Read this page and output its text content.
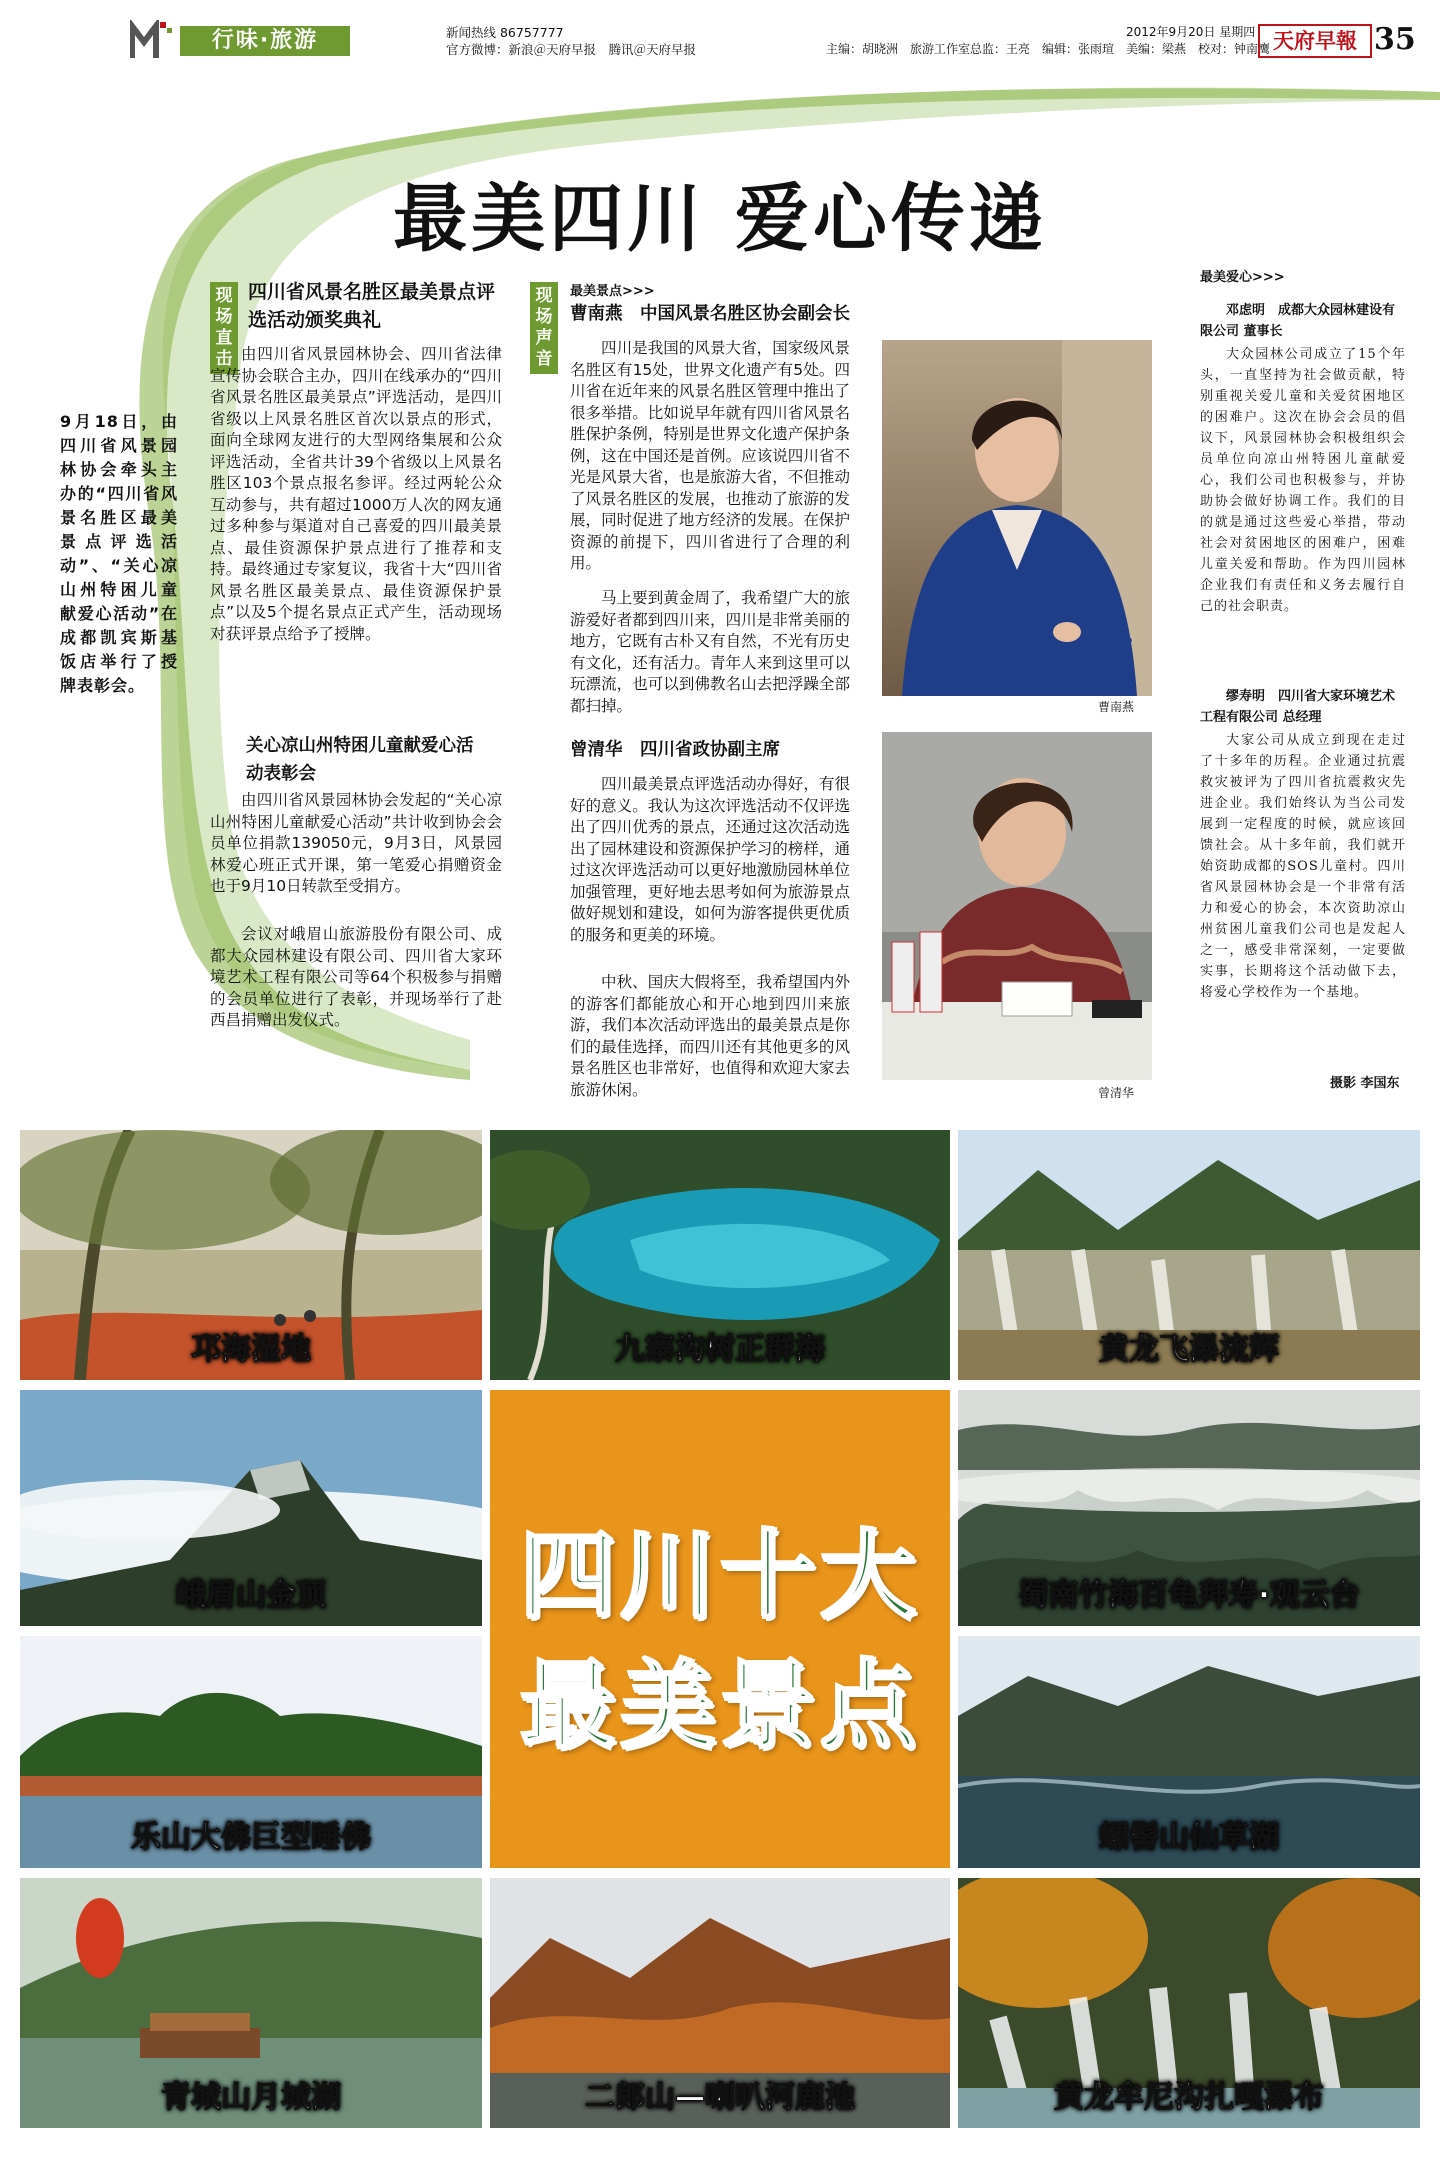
行味·旅游	新闻热线 86757777
官方微博：新浪＠天府早报　腾讯＠天府早报	主编：胡晓洲　旅游工作室总监：王亮　编辑：张雨瑄　美编：梁燕　校对：钟南鹰
2012年9月20日 星期四 天府早報 35
最美四川 爱心传递
9月18日，由四川省风景园林协会牵头主办的“四川省风景名胜区最美景点评选活动”、“关心凉山州特困儿童献爱心活动”在成都凯宾斯基饭店举行了授牌表彰会。
现场直击
四川省风景名胜区最美景点评选活动颁奖典礼

由四川省风景园林协会、四川省法律宣传协会联合主办，四川在线承办的“四川省风景名胜区最美景点”评选活动，是四川省级以上风景名胜区首次以景点的形式，面向全球网友进行的大型网络集展和公众评选活动，全省共计39个省级以上风景名胜区103个景点报名参评。经过两轮公众互动参与，共有超过1000万人次的网友通过多种参与渠道对自己喜爱的四川最美景点、最佳资源保护景点进行了推荐和支持。最终通过专家复议，我省十大“四川省风景名胜区最美景点、最佳资源保护景点”以及5个提名景点正式产生，活动现场对获评景点给予了授牌。

关心凉山州特困儿童献爱心活动表彰会

由四川省风景园林协会发起的“关心凉山州特困儿童献爱心活动”共计收到协会会员单位捐款139050元，9月3日，风景园林爱心班正式开课，第一笔爱心捐赠资金也于9月10日转款至受捐方。

会议对峨眉山旅游股份有限公司、成都大众园林建设有限公司、四川省大家环境艺术工程有限公司等64个积极参与捐赠的会员单位进行了表彰，并现场举行了赴西昌捐赠出发仪式。

现场声音
最美景点>>>
曹南燕　 中国风景名胜区协会副会长

四川是我国的风景大省，国家级风景名胜区有15处，世界文化遗产有5处。四川省在近年来的风景名胜区管理中推出了很多举措。比如说早年就有四川省风景名胜保护条例，特别是世界文化遗产保护条例，这在中国还是首例。应该说四川省不光是风景大省，也是旅游大省，不但推动了风景名胜区的发展，也推动了旅游的发展，同时促进了地方经济的发展。在保护资源的前提下，四川省进行了合理的利用。

马上要到黄金周了，我希望广大的旅游爱好者都到四川来，四川是非常美丽的地方，它既有古朴又有自然，不光有历史有文化，还有活力。青年人来到这里可以玩漂流，也可以到佛教名山去把浮躁全部都扫掉。	曹南燕
曾清华　 四川省政协副主席

四川最美景点评选活动办得好，有很好的意义。我认为这次评选活动不仅评选出了四川优秀的景点，还通过这次活动选出了园林建设和资源保护学习的榜样，通过这次评选活动可以更好地激励园林单位加强管理，更好地去思考如何为旅游景点做好规划和建设，如何为游客提供更优质的服务和更美的环境。

中秋、国庆大假将至，我希望国内外的游客们都能放心和开心地到四川来旅游，我们本次活动评选出的最美景点是你们的最佳选择，而四川还有其他更多的风景名胜区也非常好，也值得和欢迎大家去旅游休闲。	曾清华
最美爱心>>>
邓虑明　 成都大众园林建设有限公司 董事长

大众园林公司成立了15个年头，一直坚持为社会做贡献，特别重视关爱儿童和关爱贫困地区的困难户。这次在协会会员的倡议下，风景园林协会积极组织会员单位向凉山州特困儿童献爱心，我们公司也积极参与，并协助协会做好协调工作。我们的目的就是通过这些爱心举措，带动社会对贫困地区的困难户，困难儿童关爱和帮助。作为四川园林企业我们有责任和义务去履行自己的社会职责。

缪寿明　 四川省大家环境艺术工程有限公司 总经理

大家公司从成立到现在走过了十多年的历程。企业通过抗震救灾被评为了四川省抗震救灾先进企业。我们始终认为当公司发展到一定程度的时候，就应该回馈社会。从十多年前，我们就开始资助成都的SOS儿童村。四川省风景园林协会是一个非常有活力和爱心的协会，本次资助凉山州贫困儿童我们公司也是发起人之一，感受非常深刻，一定要做实事，长期将这个活动做下去，将爱心学校作为一个基地。

摄影 李国东
邛海湿地	九寨沟树正群海	黄龙飞瀑流辉
峨眉山金顶	四川十大
最美景点
蜀南竹海百龟拜寿·观云台
乐山大佛巨型睡佛	螺髻山仙草湖
青城山月城湖	二郎山—喇叭河鹿池	黄龙牟尼沟扎嘎瀑布
